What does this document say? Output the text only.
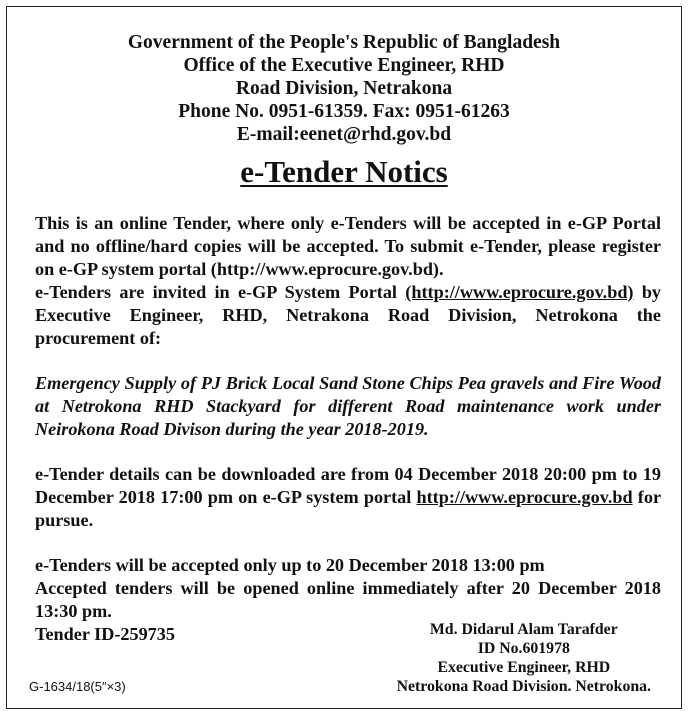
Government of the People's Republic of Bangladesh
Office of the Executive Engineer, RHD
Road Division, Netrakona
Phone No. 0951-61359. Fax: 0951-61263
E-mail:eenet@rhd.gov.bd
e-Tender Notics

This is an online Tender, where only e-Tenders will be accepted in e-GP Portal and no offline/hard copies will be accepted. To submit e-Tender, please register on e-GP system portal (http://www.eprocure.gov.bd).

e-Tenders are invited in e-GP System Portal (http://www.eprocure.gov.bd) by Executive Engineer, RHD, Netrakona Road Division, Netrokona the procurement of:

Emergency Supply of PJ Brick Local Sand Stone Chips Pea gravels and Fire Wood at Netrokona RHD Stackyard for different Road maintenance work under Neirokona Road Divison during the year 2018-2019.

e-Tender details can be downloaded are from 04 December 2018 20:00 pm to 19 December 2018 17:00 pm on e-GP system portal http://www.eprocure.gov.bd for pursue.

e-Tenders will be accepted only up to 20 December 2018 13:00 pm

Accepted tenders will be opened online immediately after 20 December 2018 13:30 pm.

Tender ID-259735	Md. Didarul Alam Tarafder
ID No.601978
Executive Engineer, RHD
Netrokona Road Division. Netrokona.
G-1634/18(5″×3)
